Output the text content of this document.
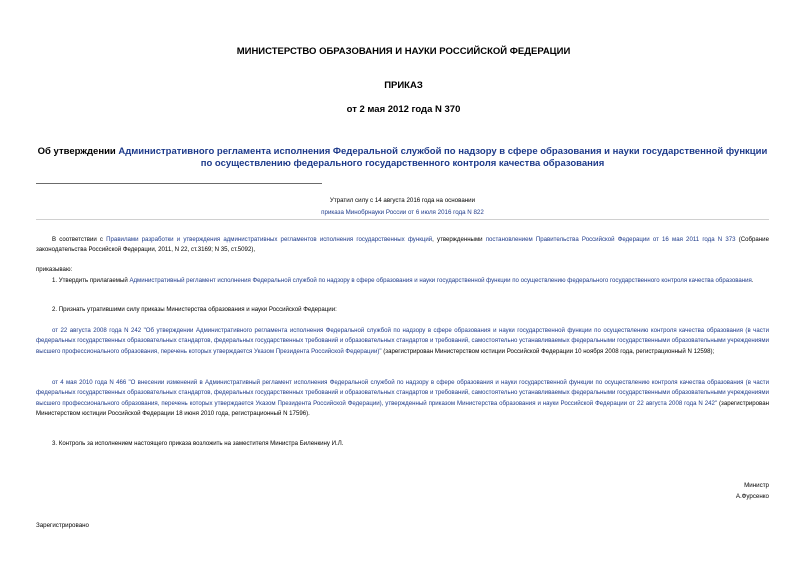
МИНИСТЕРСТВО ОБРАЗОВАНИЯ И НАУКИ РОССИЙСКОЙ ФЕДЕРАЦИИ

ПРИКАЗ

от 2 мая 2012 года N 370

Об утверждении Административного регламента исполнения Федеральной службой по надзору в сфере образования и науки государственной функции по осуществлению федерального государственного контроля качества образования

Утратил силу с 14 августа 2016 года на основании
приказа Минобрнауки России от 6 июля 2016 года N 822

В соответствии с Правилами разработки и утверждения административных регламентов исполнения государственных функций, утвержденными постановлением Правительства Российской Федерации от 16 мая 2011 года N 373 (Собрание законодательства Российской Федерации, 2011, N 22, ст.3169; N 35, ст.5092),

приказываю:

1. Утвердить прилагаемый Административный регламент исполнения Федеральной службой по надзору в сфере образования и науки государственной функции по осуществлению федерального государственного контроля качества образования.

2. Признать утратившими силу приказы Министерства образования и науки Российской Федерации:

от 22 августа 2008 года N 242 "Об утверждении Административного регламента исполнения Федеральной службой по надзору в сфере образования и науки государственной функции по осуществлению контроля качества образования (в части федеральных государственных образовательных стандартов, федеральных государственных требований и образовательных стандартов и требований, самостоятельно устанавливаемых федеральными государственными образовательными учреждениями высшего профессионального образования, перечень которых утверждается Указом Президента Российской Федерации)" (зарегистрирован Министерством юстиции Российской Федерации 10 ноября 2008 года, регистрационный N 12598);

от 4 мая 2010 года N 466 "О внесении изменений в Административный регламент исполнения Федеральной службой по надзору в сфере образования и науки государственной функции по осуществлению контроля качества образования (в части федеральных государственных образовательных стандартов, федеральных государственных требований и образовательных стандартов и требований, самостоятельно устанавливаемых федеральными государственными образовательными учреждениями высшего профессионального образования, перечень которых утверждается Указом Президента Российской Федерации), утвержденный приказом Министерства образования и науки Российской Федерации от 22 августа 2008 года N 242" (зарегистрирован Министерством юстиции Российской Федерации 18 июня 2010 года, регистрационный N 17596).

3. Контроль за исполнением настоящего приказа возложить на заместителя Министра Биленкину И.Л.

Министр
А.Фурсенко
Зарегистрировано
